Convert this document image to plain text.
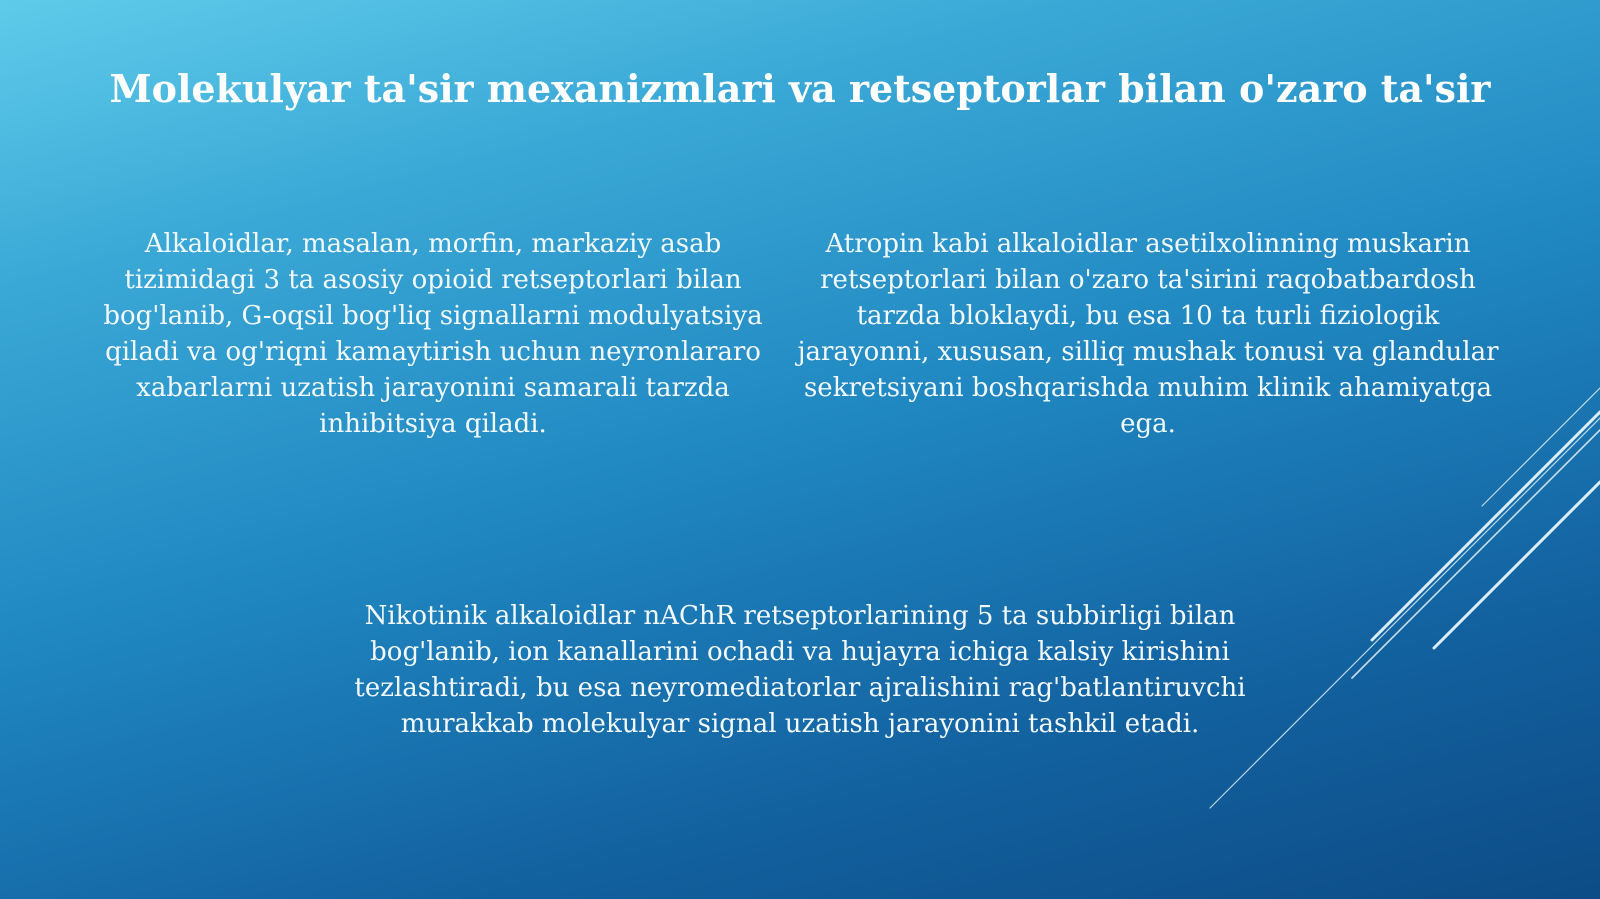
Molekulyar ta'sir mexanizmlari va retseptorlar bilan o'zaro ta'sir

Alkaloidlar, masalan, morfin, markaziy asab tizimidagi 3 ta asosiy opioid retseptorlari bilan bog'lanib, G-oqsil bog'liq signallarni modulyatsiya qiladi va og'riqni kamaytirish uchun neyronlararo xabarlarni uzatish jarayonini samarali tarzda inhibitsiya qiladi.

Atropin kabi alkaloidlar asetilxolinning muskarin retseptorlari bilan o'zaro ta'sirini raqobatbardosh tarzda bloklaydi, bu esa 10 ta turli fiziologik jarayonni, xususan, silliq mushak tonusi va glandular sekretsiyani boshqarishda muhim klinik ahamiyatga ega.

Nikotinik alkaloidlar nAChR retseptorlarining 5 ta subbirligi bilan bog'lanib, ion kanallarini ochadi va hujayra ichiga kalsiy kirishini tezlashtiradi, bu esa neyromediatorlar ajralishini rag'batlantiruvchi murakkab molekulyar signal uzatish jarayonini tashkil etadi.
